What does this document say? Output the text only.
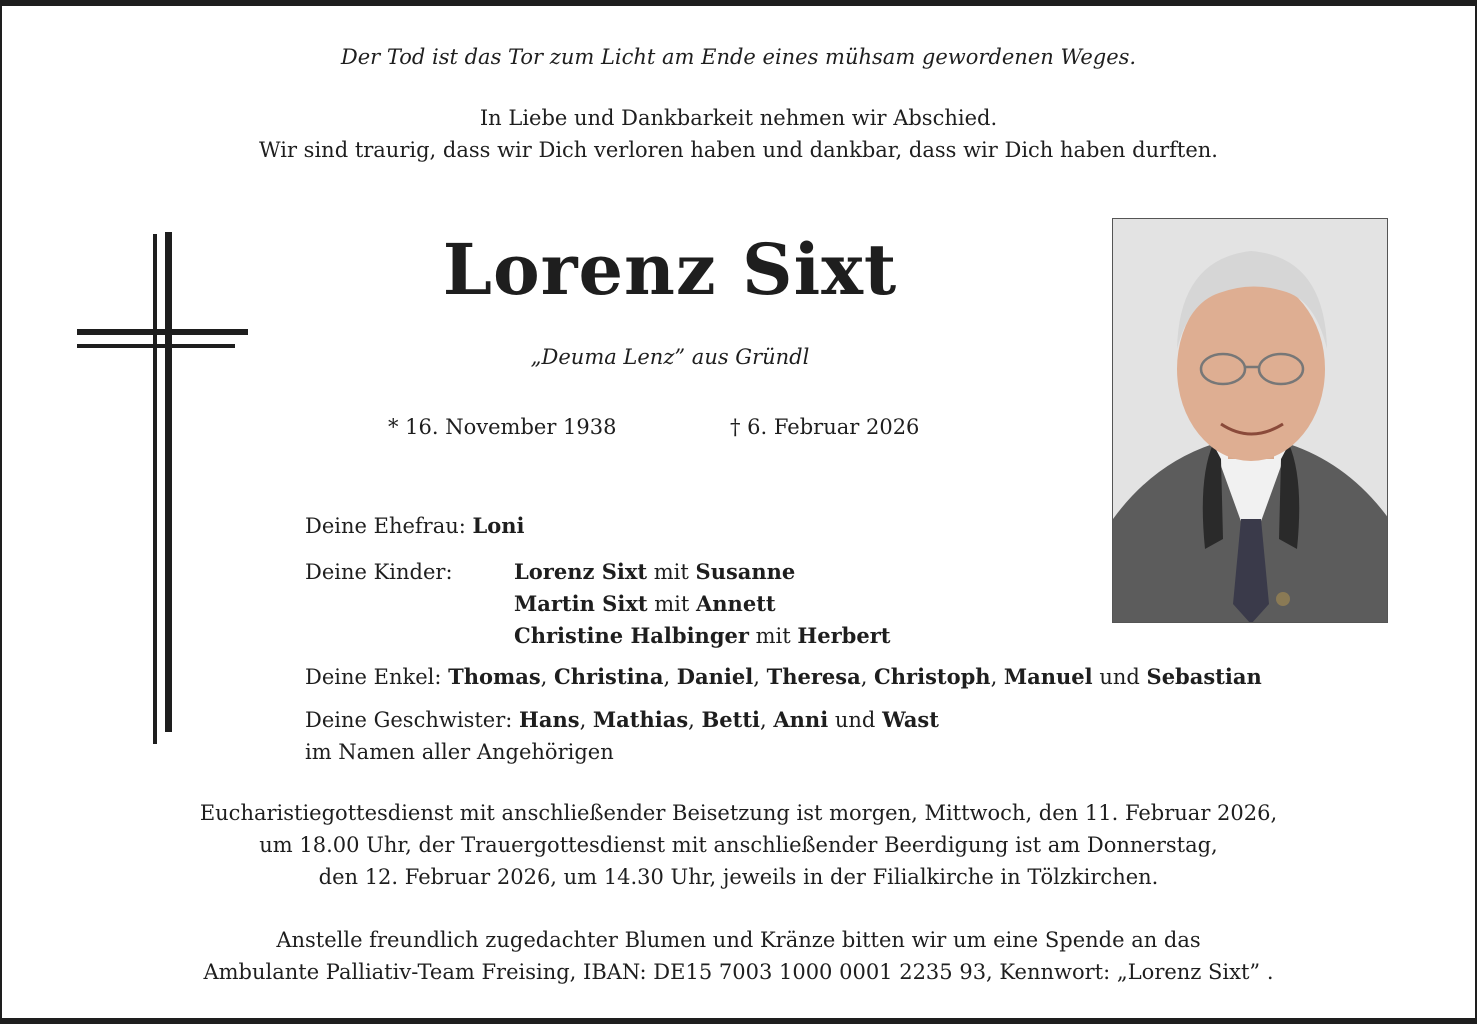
Der Tod ist das Tor zum Licht am Ende eines mühsam gewordenen Weges.
In Liebe und Dankbarkeit nehmen wir Abschied.
Wir sind traurig, dass wir Dich verloren haben und dankbar, dass wir Dich haben durften.
Lorenz Sixt
„Deuma Lenz” aus Gründl
* 16. November 1938	† 6. Februar 2026
Deine Ehefrau: Loni
Deine Kinder:	Lorenz Sixt mit Susanne
Martin Sixt mit Annett
Christine Halbinger mit Herbert
Deine Enkel: Thomas, Christina, Daniel, Theresa, Christoph, Manuel und Sebastian
Deine Geschwister: Hans, Mathias, Betti, Anni und Wast
im Namen aller Angehörigen
Eucharistiegottesdienst mit anschließender Beisetzung ist morgen, Mittwoch, den 11. Februar 2026,
um 18.00 Uhr, der Trauergottesdienst mit anschließender Beerdigung ist am Donnerstag,
den 12. Februar 2026, um 14.30 Uhr, jeweils in der Filialkirche in Tölzkirchen.
Anstelle freundlich zugedachter Blumen und Kränze bitten wir um eine Spende an das
Ambulante Palliativ-Team Freising, IBAN: DE15 7003 1000 0001 2235 93, Kennwort: „Lorenz Sixt” .
